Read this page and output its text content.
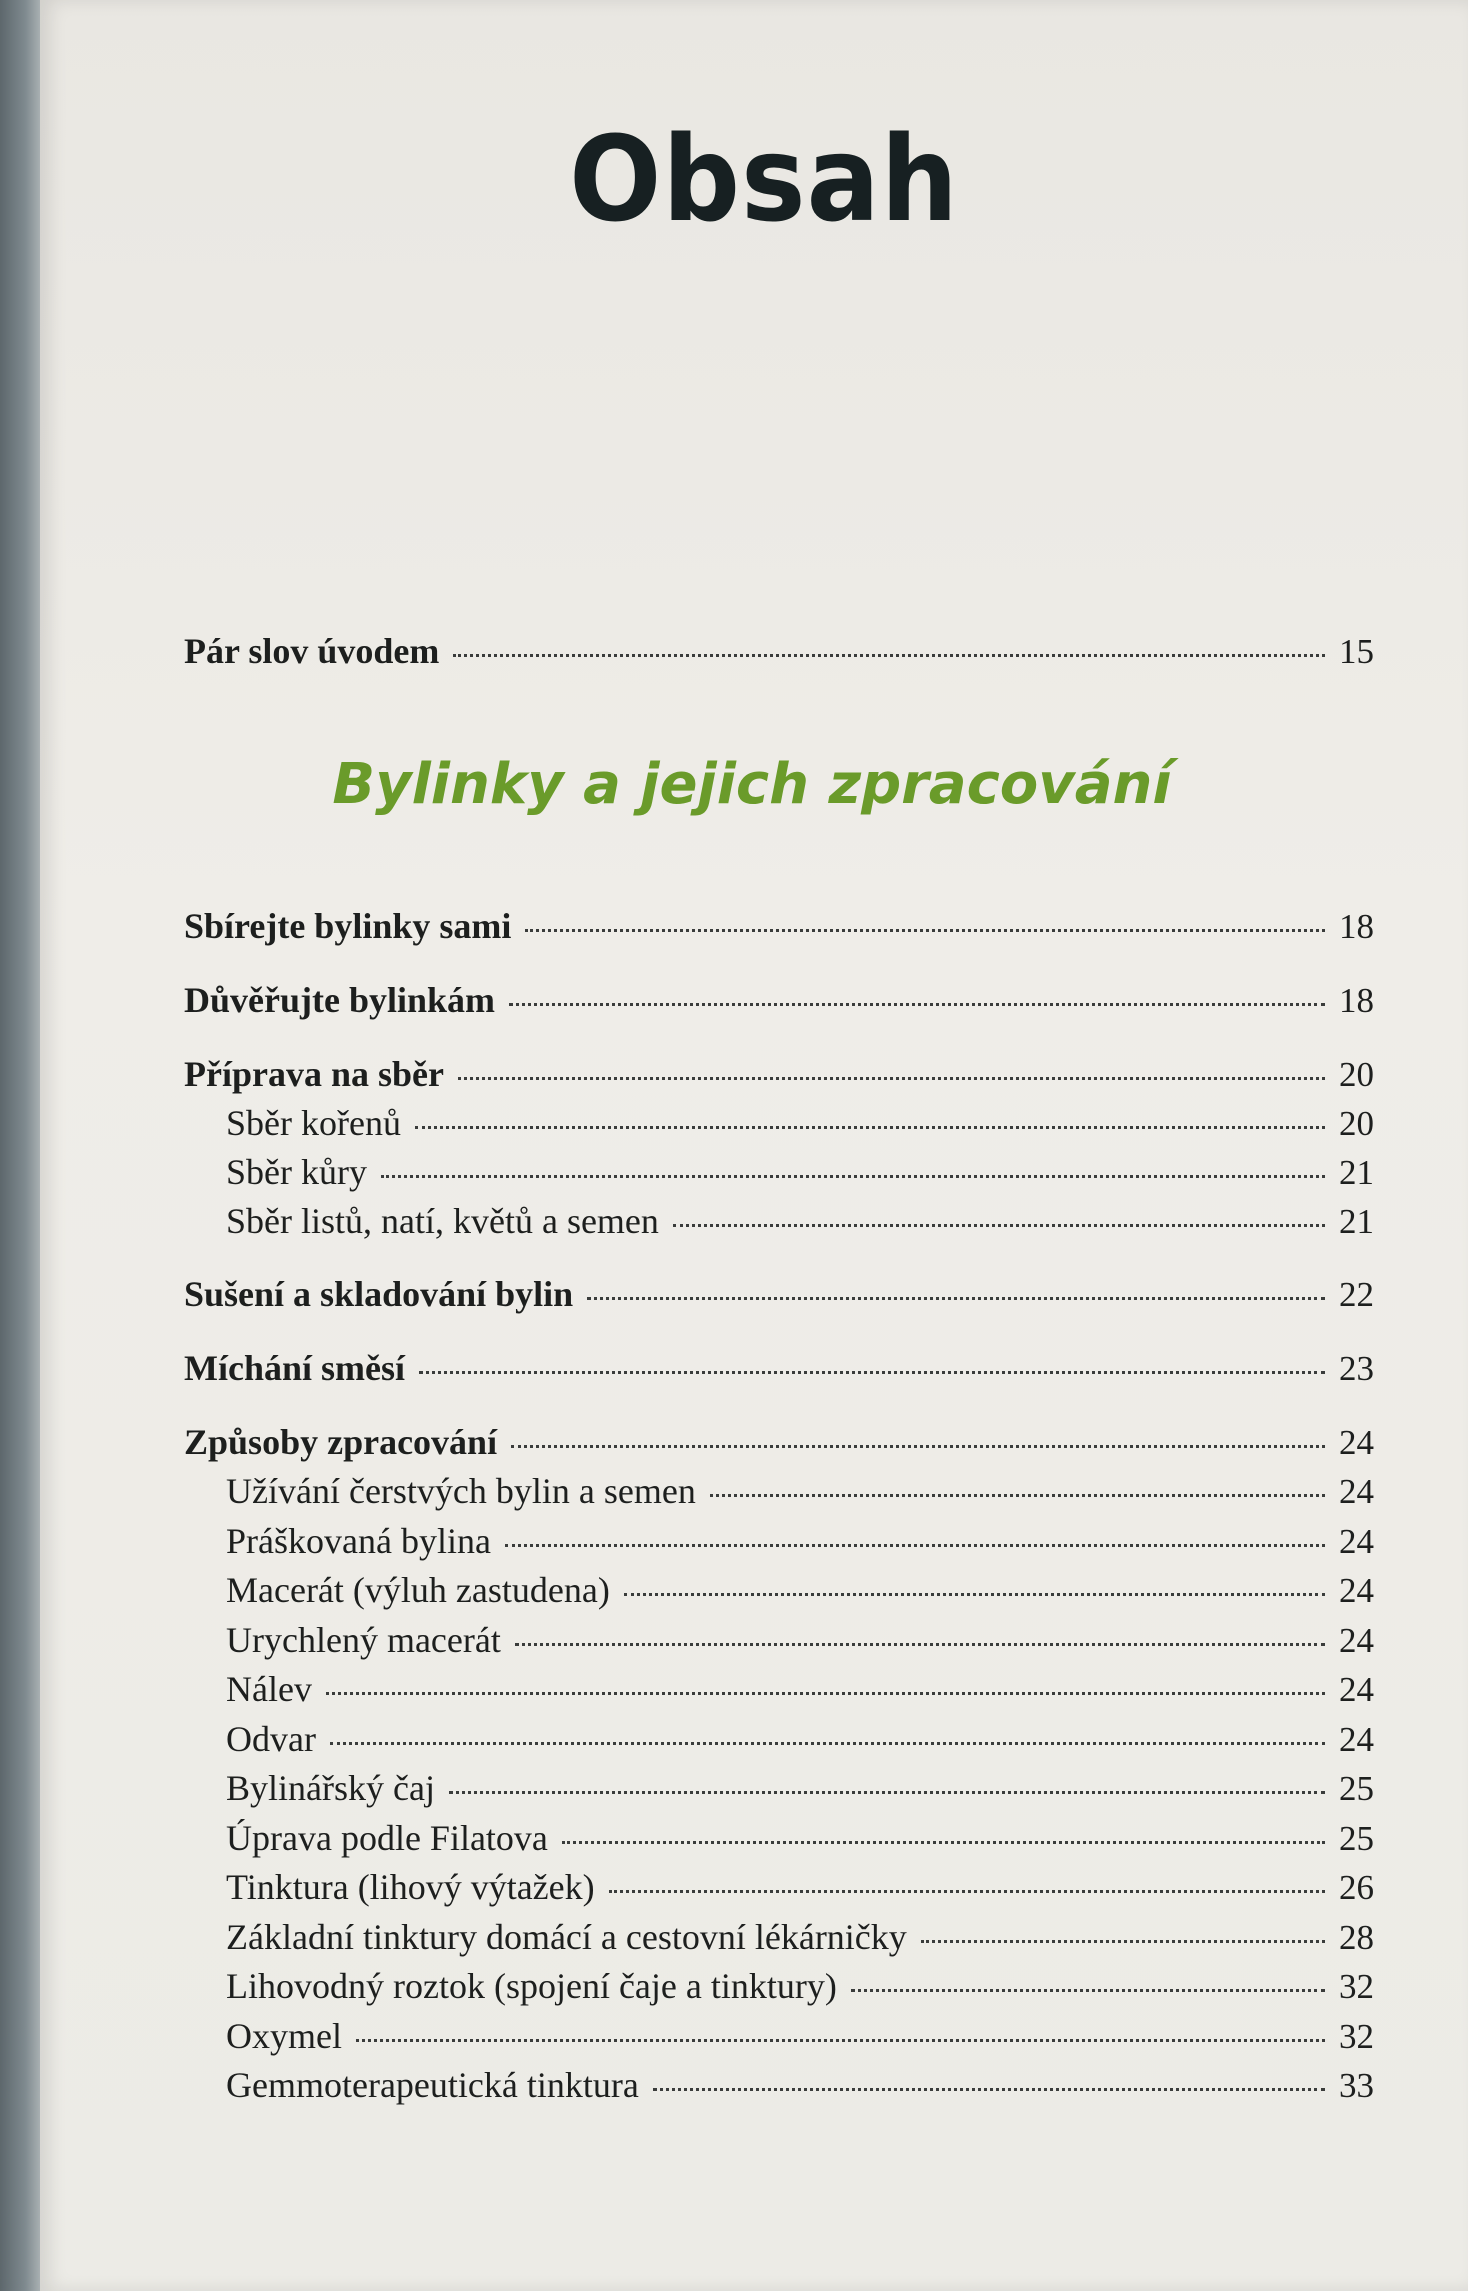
Obsah
Pár slov úvodem	15
Bylinky a jejich zpracování
Sbírejte bylinky sami	18
Důvěřujte bylinkám	18
Příprava na sběr	20
Sběr kořenů	20
Sběr kůry	21
Sběr listů, natí, květů a semen	21
Sušení a skladování bylin	22
Míchání směsí	23
Způsoby zpracování	24
Užívání čerstvých bylin a semen	24
Práškovaná bylina	24
Macerát (výluh zastudena)	24
Urychlený macerát	24
Nálev	24
Odvar	24
Bylinářský čaj	25
Úprava podle Filatova	25
Tinktura (lihový výtažek)	26
Základní tinktury domácí a cestovní lékárničky	28
Lihovodný roztok (spojení čaje a tinktury)	32
Oxymel	32
Gemmoterapeutická tinktura	33
